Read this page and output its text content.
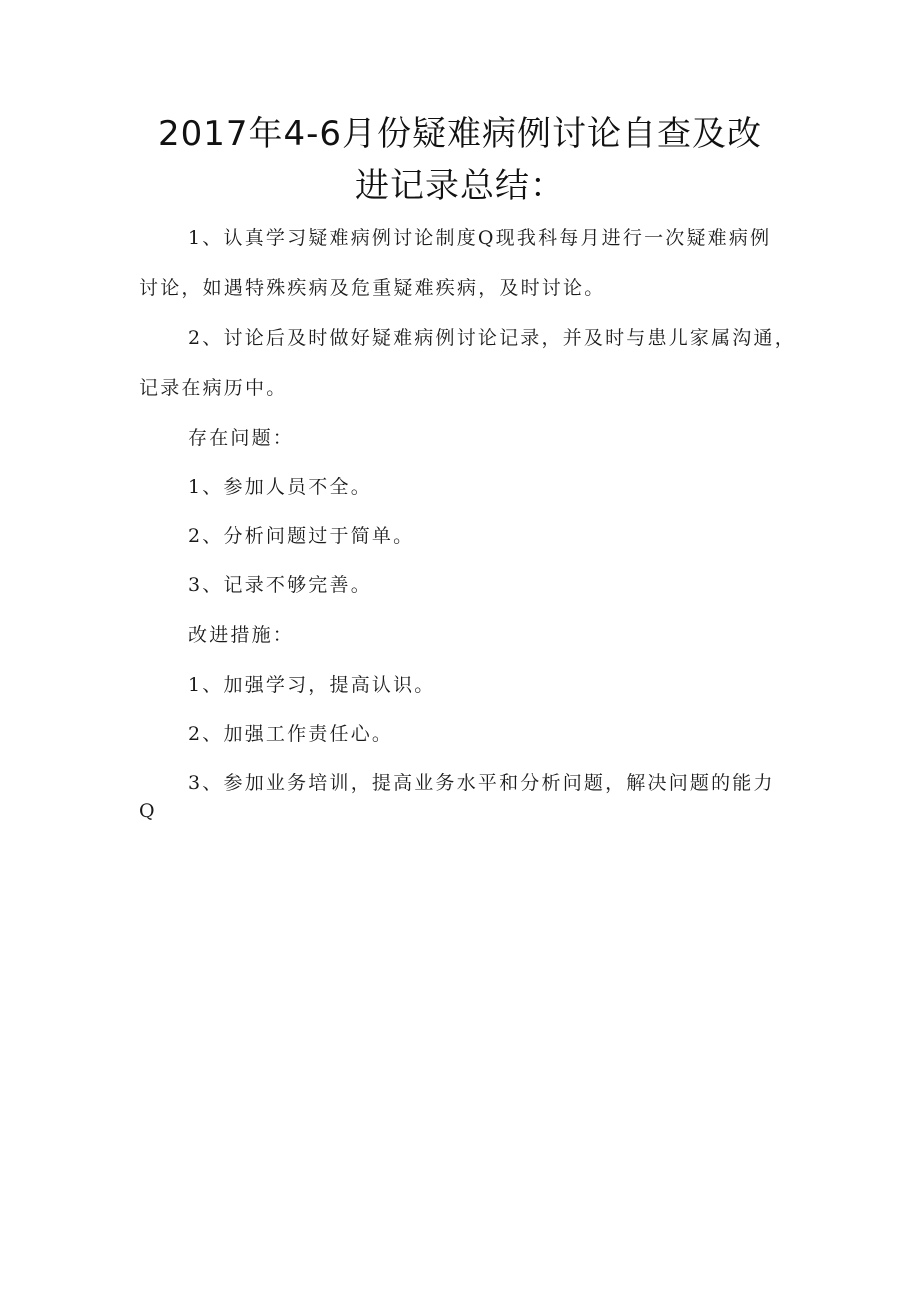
2017年4-6月份疑难病例讨论自查及改
进记录总结：
1、认真学习疑难病例讨论制度Q现我科每月进行一次疑难病例
讨论，如遇特殊疾病及危重疑难疾病，及时讨论。
2、讨论后及时做好疑难病例讨论记录，并及时与患儿家属沟通，
记录在病历中。
存在问题：
1、参加人员不全。
2、分析问题过于简单。
3、记录不够完善。
改进措施：
1、加强学习，提高认识。
2、加强工作责任心。
3、参加业务培训，提高业务水平和分析问题，解决问题的能力
Q
